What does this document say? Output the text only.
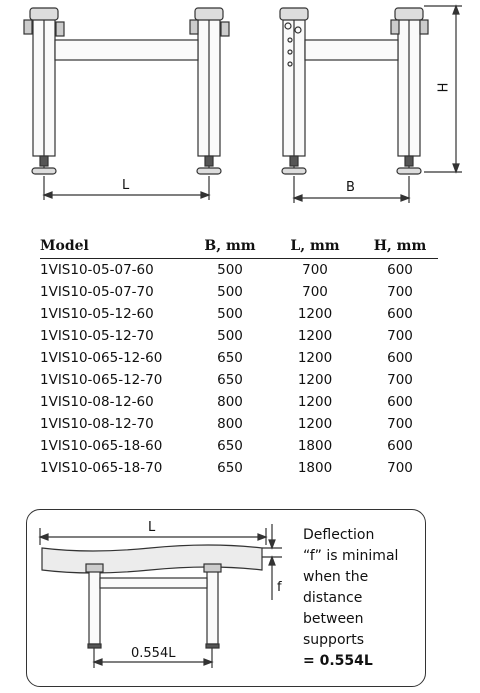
L	B
H
Model	B, mm	L, mm	H, mm
1VIS10-05-07-60	500	700	600
1VIS10-05-07-70	500	700	700
1VIS10-05-12-60	500	1200	600
1VIS10-05-12-70	500	1200	700
1VIS10-065-12-60	650	1200	600
1VIS10-065-12-70	650	1200	700
1VIS10-08-12-60	800	1200	600
1VIS10-08-12-70	800	1200	700
1VIS10-065-18-60	650	1800	600
1VIS10-065-18-70	650	1800	700
L
f
0.554L
Deflection
“f” is minimal
when the
distance
between
supports
= 0.554L
